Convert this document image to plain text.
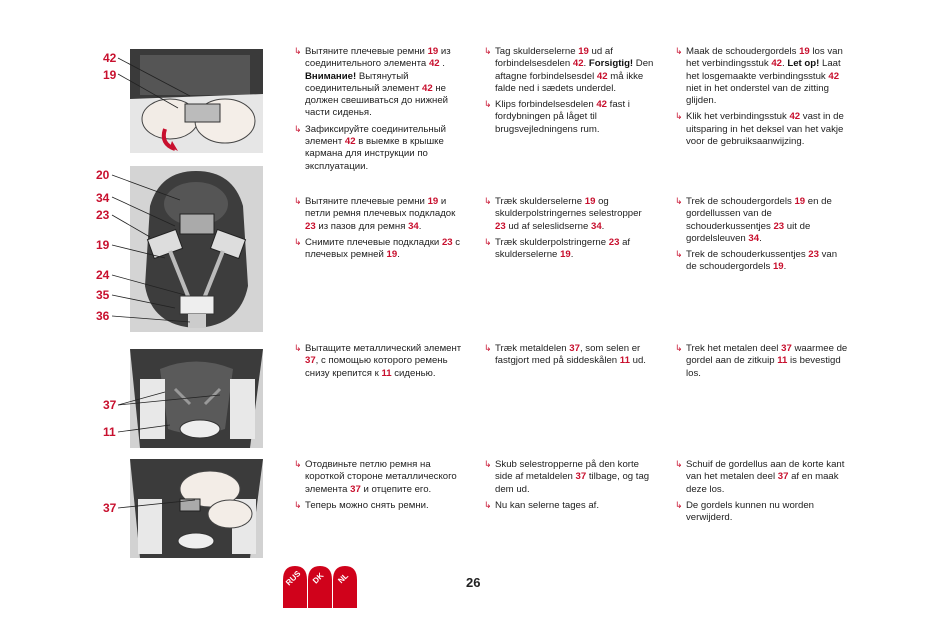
42
19
20
34
23
19
24
35
36
37
11
37

↳ Вытяните плечевые ремни 19 из соединительного элемента 42 . Внимание! Вытянутый соединительный элемент 42 не должен свешиваться до нижней части сиденья.

↳ Зафиксируйте соединительный элемент 42 в выемке в крышке кармана для инструкции по эксплуатации.

↳ Tag skulderselerne 19 ud af forbindelsesdelen 42. Forsigtig! Den aftagne forbindelsesdel 42 må ikke falde ned i sædets underdel.

↳ Klips forbindelsesdelen 42 fast i fordybningen på låget til brugsvejledningens rum.

↳ Maak de schoudergordels 19 los van het verbindingsstuk 42. Let op! Laat het losgemaakte verbindingsstuk 42 niet in het onderstel van de zitting glijden.

↳ Klik het verbindingsstuk 42 vast in de uitsparing in het deksel van het vakje voor de gebruiksaanwijzing.

↳ Вытяните плечевые ремни 19 и петли ремня плечевых подкладок 23 из пазов для ремня 34.

↳ Снимите плечевые подкладки 23 с плечевых ремней 19.

↳ Træk skulderselerne 19 og skulderpolstringernes selestropper 23 ud af seleslidserne 34.

↳ Træk skulderpolstringerne 23 af skulderselerne 19.

↳ Trek de schoudergordels 19 en de gordellussen van de schouderkussentjes 23 uit de gordelsleuven 34.

↳ Trek de schouderkussentjes 23 van de schoudergordels 19.

↳ Вытащите металлический элемент 37, с помощью которого ремень снизу крепится к 11 сиденью.

↳ Træk metaldelen 37, som selen er fastgjort med på siddeskålen 11 ud.

↳ Trek het metalen deel 37 waarmee de gordel aan de zitkuip 11 is bevestigd los.

↳ Отодвиньте петлю ремня на короткой стороне металлического элемента 37 и отцепите его.

↳ Теперь можно снять ремни.

↳ Skub selestropperne på den korte side af metaldelen 37 tilbage, og tag dem ud.

↳ Nu kan selerne tages af.

↳ Schuif de gordellus aan de korte kant van het metalen deel 37 af en maak deze los.

↳ De gordels kunnen nu worden verwijderd.

RUS DK NL	26
